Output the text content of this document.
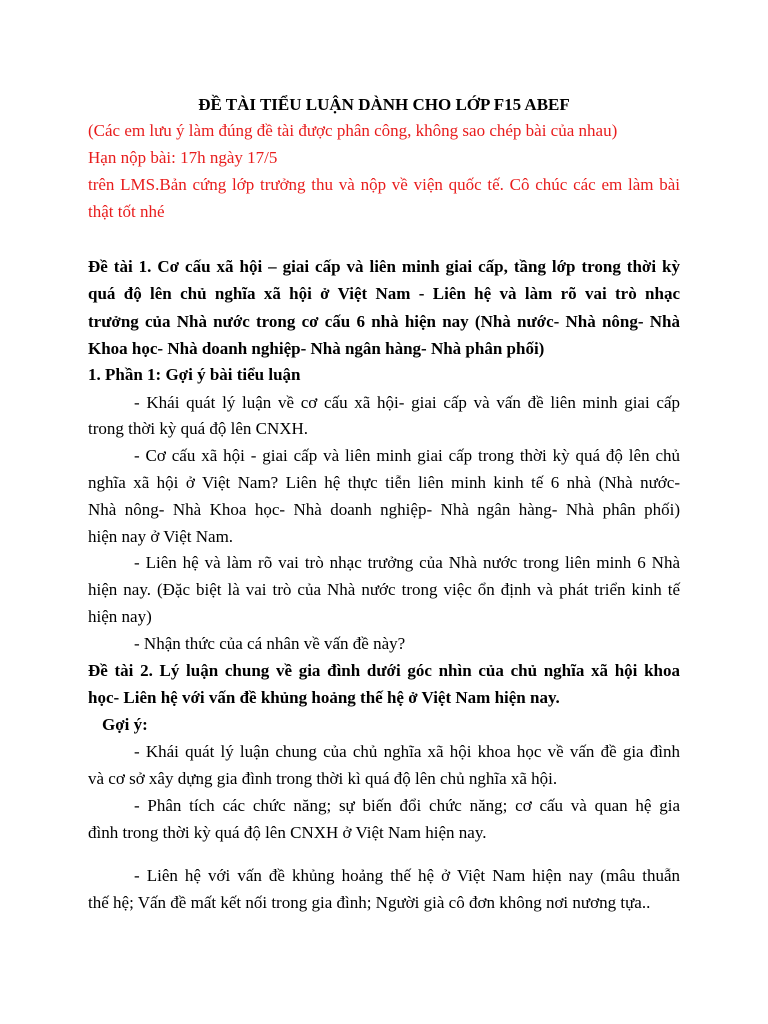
ĐỀ TÀI TIỂU LUẬN DÀNH CHO LỚP F15 ABEF
(Các em lưu ý làm đúng đề tài được phân công, không sao chép bài của nhau)
Hạn nộp bài: 17h ngày 17/5
trên LMS.Bản cứng lớp trưởng thu và nộp về viện quốc tế. Cô chúc các em làm bài
thật tốt nhé
Đề tài 1. Cơ cấu xã hội – giai cấp và liên minh giai cấp, tầng lớp trong thời kỳ
quá độ lên chủ nghĩa xã hội ở Việt Nam - Liên hệ và làm rõ vai trò nhạc
trưởng của Nhà nước trong cơ cấu 6 nhà hiện nay (Nhà nước- Nhà nông- Nhà
Khoa học- Nhà doanh nghiệp- Nhà ngân hàng- Nhà phân phối)
1. Phần 1: Gợi ý bài tiểu luận
- Khái quát lý luận về cơ cấu xã hội- giai cấp và vấn đề liên minh giai cấp
trong thời kỳ quá độ lên CNXH.
- Cơ cấu xã hội - giai cấp và liên minh giai cấp trong thời kỳ quá độ lên chủ
nghĩa xã hội ở Việt Nam? Liên hệ thực tiễn liên minh kinh tế 6 nhà (Nhà nước-
Nhà nông- Nhà Khoa học- Nhà doanh nghiệp- Nhà ngân hàng- Nhà phân phối)
hiện nay ở Việt Nam.
- Liên hệ và làm rõ vai trò nhạc trưởng của Nhà nước trong liên minh 6 Nhà
hiện nay. (Đặc biệt là vai trò của Nhà nước trong việc ổn định và phát triển kinh tế
hiện nay)
- Nhận thức của cá nhân về vấn đề này?
Đề tài 2. Lý luận chung về gia đình dưới góc nhìn của chủ nghĩa xã hội khoa
học- Liên hệ với vấn đề khủng hoảng thế hệ ở Việt Nam hiện nay.
Gợi ý:
- Khái quát lý luận chung của chủ nghĩa xã hội khoa học về vấn đề gia đình
và cơ sở xây dựng gia đình trong thời kì quá độ lên chủ nghĩa xã hội.
- Phân tích các chức năng; sự biến đổi chức năng; cơ cấu và quan hệ gia
đình trong thời kỳ quá độ lên CNXH ở Việt Nam hiện nay.
- Liên hệ với vấn đề khủng hoảng thế hệ ở Việt Nam hiện nay (mâu thuẫn
thế hệ; Vấn đề mất kết nối trong gia đình; Người già cô đơn không nơi nương tựa..
